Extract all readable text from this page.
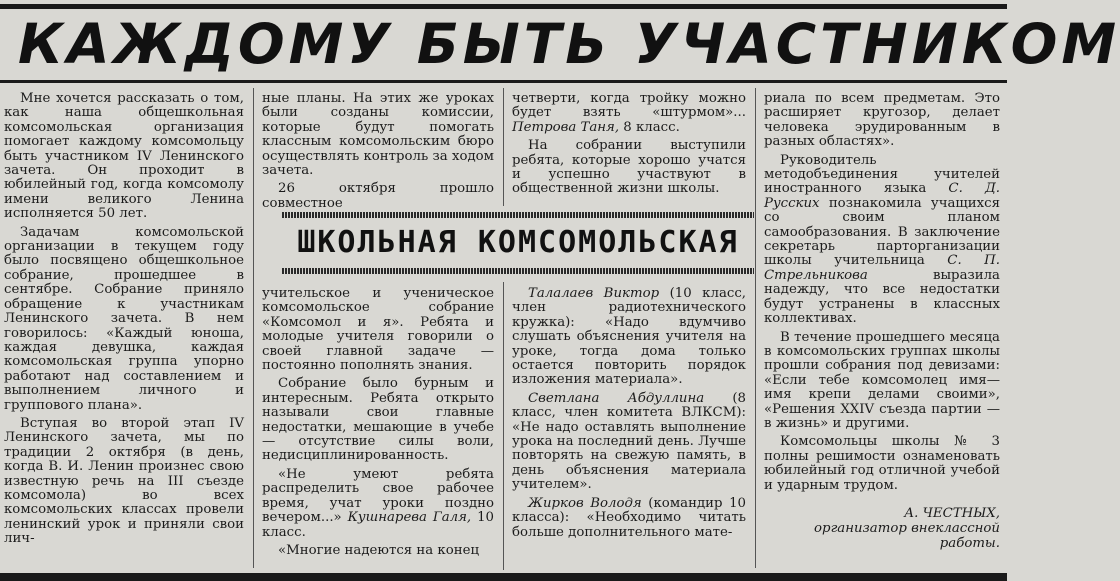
КАЖДОМУ БЫТЬ УЧАСТНИКОМ

Мне хочется рассказать о том, как наша общешкольная комсомольская организация помогает каждому комсомольцу быть участником IV Ленинского зачета. Он проходит в юбилейный год, когда комсомолу имени великого Ленина исполняется 50 лет.

Задачам комсомольской организации в текущем году было посвящено общешкольное собрание, прошедшее в сентябре. Собрание приняло обращение к участникам Ленинского зачета. В нем говорилось: «Каждый юноша, каждая девушка, каждая комсомольская группа упорно работают над составлением и выполнением личного и группового плана».

Вступая во второй этап IV Ленинского зачета, мы по традиции 2 октября (в день, когда В. И. Ленин произнес свою известную речь на III съезде комсомола) во всех комсомольских классах провели ленинский урок и приняли свои лич-

ные планы. На этих же уроках были созданы комиссии, которые будут помогать классным комсомольским бюро осуществлять контроль за ходом зачета.

26 октября прошло совместное

четверти, когда тройку можно будет взять «штурмом»... Петрова Таня, 8 класс.

На собрании выступили ребята, которые хорошо учатся и успешно участвуют в общественной жизни школы.

ШКОЛЬНАЯ КОМСОМОЛЬСКАЯ

учительское и ученическое комсомольское собрание «Комсомол и я». Ребята и молодые учителя говорили о своей главной задаче — постоянно пополнять знания.

Собрание было бурным и интересным. Ребята открыто называли свои главные недостатки, мешающие в учебе — отсутствие силы воли, недисциплинированность.

«Не умеют ребята распределить свое рабочее время, учат уроки поздно вечером...» Кушнарева Галя, 10 класс.

«Многие надеются на конец

Талалаев Виктор (10 класс, член радиотехнического кружка): «Надо вдумчиво слушать объяснения учителя на уроке, тогда дома только остается повторить порядок изложения материала».

Светлана Абдуллина (8 класс, член комитета ВЛКСМ): «Не надо оставлять выполнение урока на последний день. Лучше повторять на свежую память, в день объяснения материала учителем».

Жирков Володя (командир 10 класса): «Необходимо читать больше дополнительного мате-

риала по всем предметам. Это расширяет кругозор, делает человека эрудированным в разных областях».

Руководитель методобъединения учителей иностранного языка С. Д. Русских познакомила учащихся со своим планом самообразования. В заключение секретарь парторганизации школы учительница С. П. Стрельникова выразила надежду, что все недостатки будут устранены в классных коллективах.

В течение прошедшего месяца в комсомольских группах школы прошли собрания под девизами: «Если тебе комсомолец имя—имя крепи делами своими», «Решения XXIV съезда партии — в жизнь» и другими.

Комсомольцы школы № 3 полны решимости ознаменовать юбилейный год отличной учебой и ударным трудом.

А. ЧЕСТНЫХ,
организатор внеклассной работы.
